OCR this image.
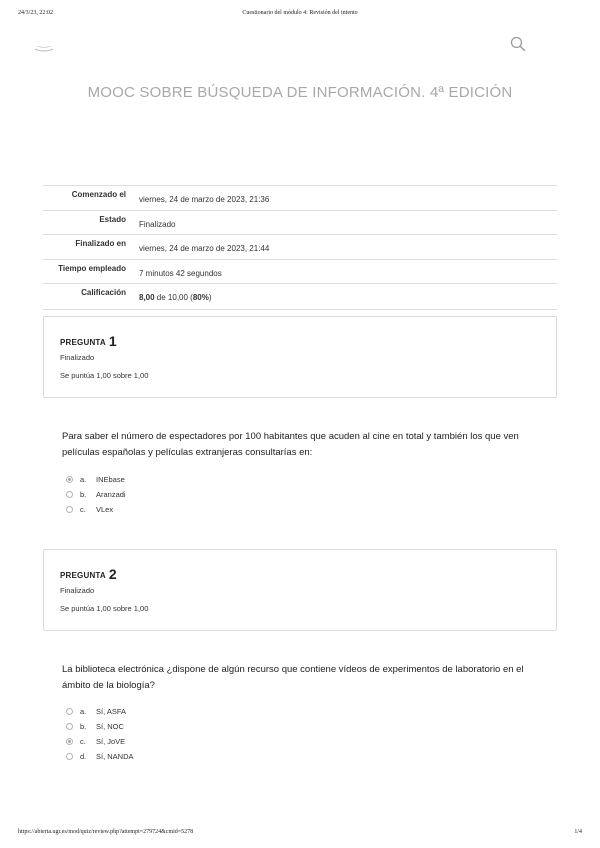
24/3/23, 22:02	Cuestionario del módulo 4: Revisión del intento
MOOC SOBRE BÚSQUEDA DE INFORMACIÓN. 4ª EDICIÓN
Comenzado el
viernes, 24 de marzo de 2023, 21:36
Estado
Finalizado
Finalizado en
viernes, 24 de marzo de 2023, 21:44
Tiempo empleado
7 minutos 42 segundos
Calificación
8,00 de 10,00 (80%)
PREGUNTA 1
Finalizado
Se puntúa 1,00 sobre 1,00
Para saber el número de espectadores por 100 habitantes que acuden al cine en total y también los que ven películas españolas y películas extranjeras consultarías en:
a.	INEbase
b.	Aranzadi
c.	VLex
PREGUNTA 2
Finalizado
Se puntúa 1,00 sobre 1,00
La biblioteca electrónica ¿dispone de algún recurso que contiene vídeos de experimentos de laboratorio en el ámbito de la biología?
a.	Sí, ASFA
b.	Sí, NOC
c.	Sí, JoVE
d.	Sí, NANDA
https://abierta.ugr.es/mod/quiz/review.php?attempt=279724&cmid=5278	1/4
